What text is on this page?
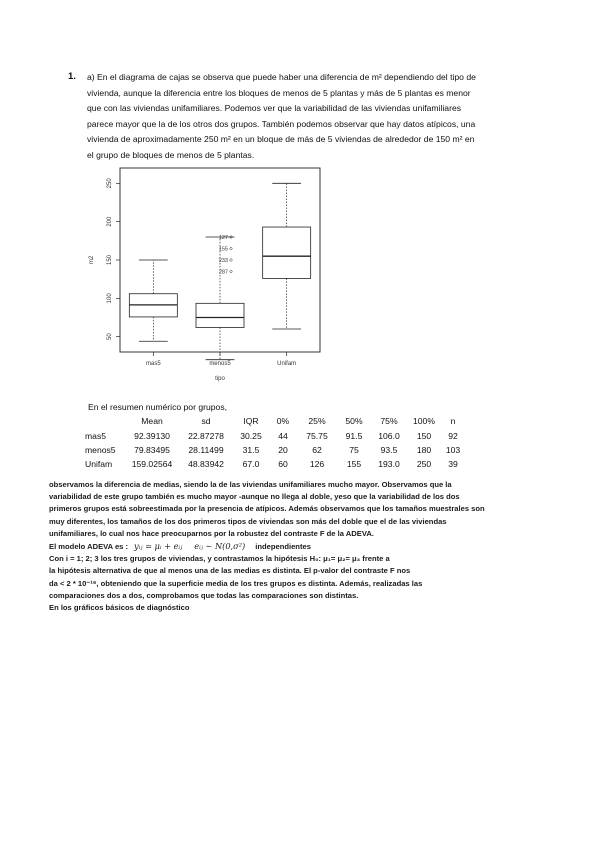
1. a) En el diagrama de cajas se observa que puede haber una diferencia de m² dependiendo del tipo de

vivienda, aunque la diferencia entre los bloques de menos de 5 plantas y más de 5 plantas es menor

que con las viviendas unifamiliares. Podemos ver que la variabilidad de las viviendas unifamiliares

parece mayor que la de los otros dos grupos. También podemos observar que hay datos atípicos, una

vivienda de aproximadamente 250 m² en un bloque de más de 5 viviendas de alrededor de 150 m² en

el grupo de bloques de menos de 5 plantas.

50
100
150
200
250
mas5
127
155
233
287
menos5	Unifam
tipo
m2
En el resumen numérico por grupos,
	Mean	sd	IQR	0%	25%	50%	75%	100%	n
mas5	92.39130	22.87278	30.25	44	75.75	91.5	106.0	150	92
menos5	79.83495	28.11499	31.5	20	62	75	93.5	180	103
Unifam	159.02564	48.83942	67.0	60	126	155	193.0	250	39

observamos la diferencia de medias, siendo la de las viviendas unifamiliares mucho mayor. Observamos que la

variabilidad de este grupo también es mucho mayor -aunque no llega al doble, yeso que la variabilidad de los dos

primeros grupos está sobreestimada por la presencia de atípicos. Además observamos que los tamaños muestrales son

muy diferentes, los tamaños de los dos primeros tipos de viviendas son más del doble que el de las viviendas

unifamiliares, lo cual nos hace preocuparnos por la robustez del contraste F de la ADEVA.

El modelo ADEVA es : yᵢⱼ = μᵢ + eᵢⱼ eᵢⱼ ∼ N(0,σ²) independientes

Con i = 1; 2; 3 los tres grupos de viviendas, y contrastamos la hipótesis H₀: μ₁= μ₂= μ₃ frente a

la hipótesis alternativa de que al menos una de las medias es distinta. El p-valor del contraste F nos

da < 2 * 10⁻¹⁶, obteniendo que la superficie media de los tres grupos es distinta. Además, realizadas las

comparaciones dos a dos, comprobamos que todas las comparaciones son distintas.

En los gráficos básicos de diagnóstico
